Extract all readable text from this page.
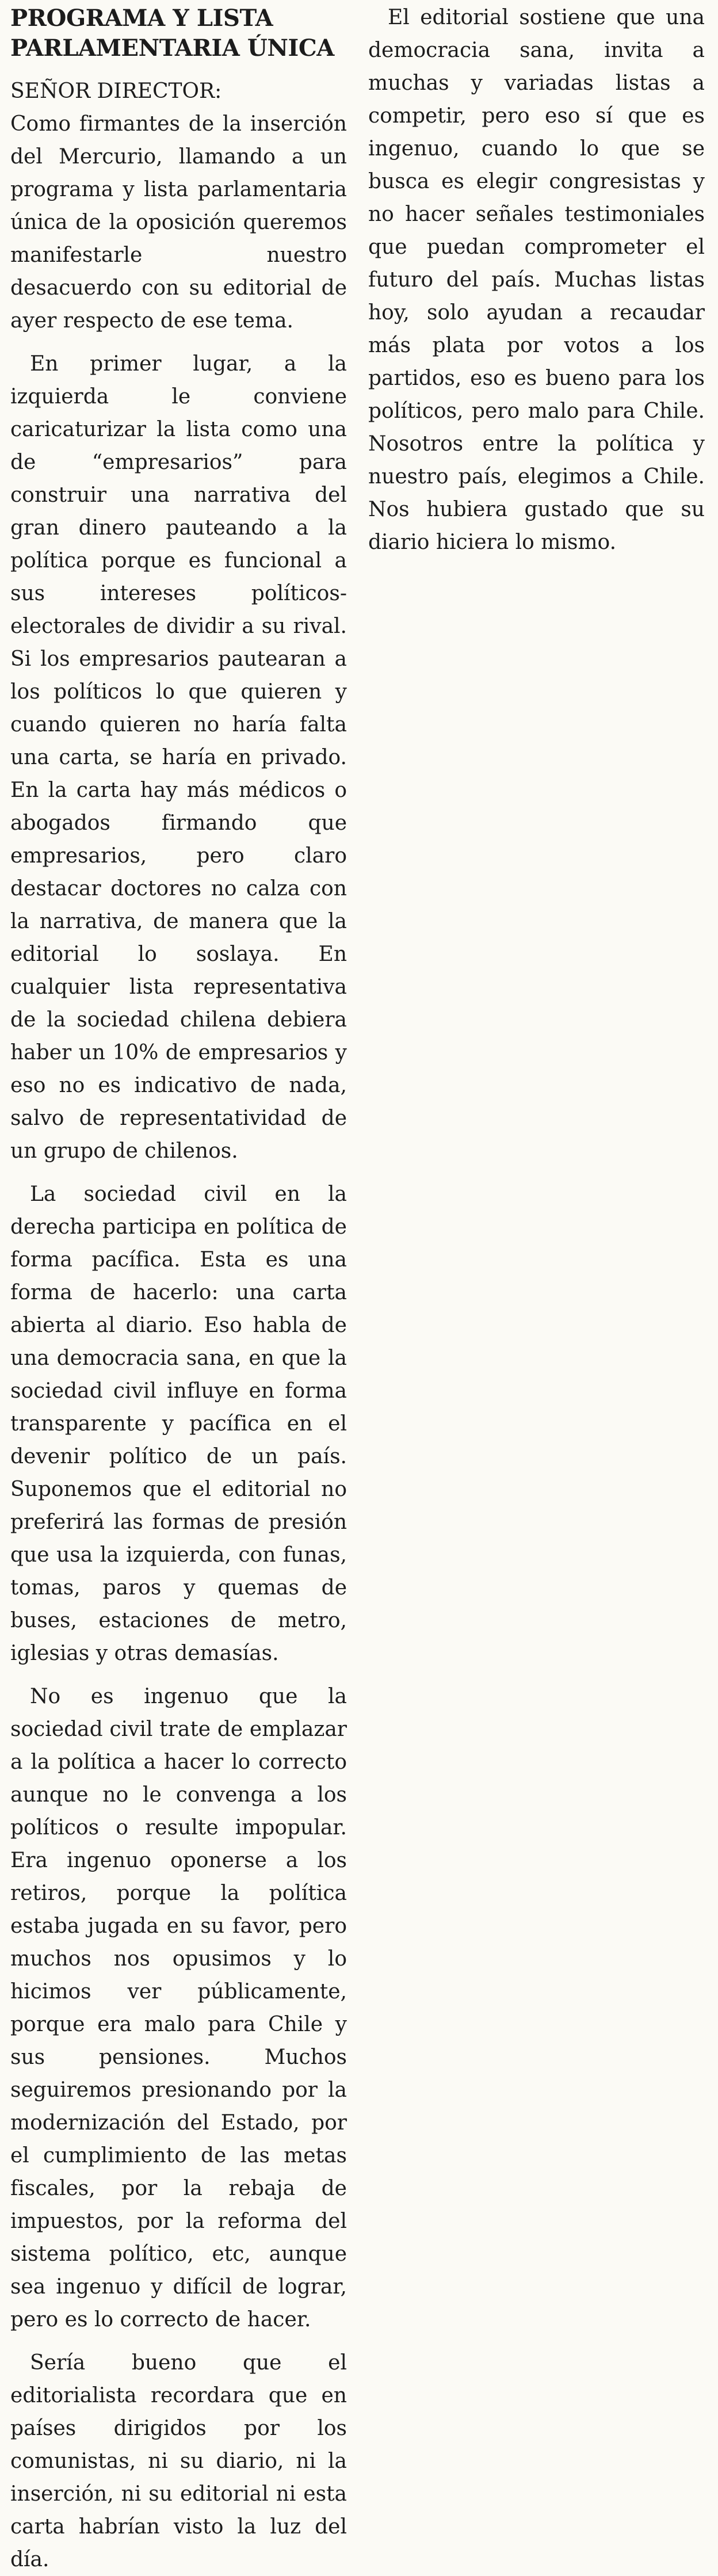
PROGRAMA Y LISTA
PARLAMENTARIA ÚNICA
SEÑOR DIRECTOR:

Como firmantes de la inserción del Mercurio, llamando a un programa y lista parlamentaria única de la oposición queremos manifestarle nuestro desacuerdo con su editorial de ayer respecto de ese tema.

En primer lugar, a la izquierda le conviene caricaturizar la lista como una de “empresarios” para construir una narrativa del gran dinero pauteando a la política porque es funcional a sus intereses políticos-electorales de dividir a su rival. Si los empresarios pautearan a los políticos lo que quieren y cuando quieren no haría falta una carta, se haría en privado. En la carta hay más médicos o abogados firmando que empresarios, pero claro destacar doctores no calza con la narrativa, de manera que la editorial lo soslaya. En cualquier lista representativa de la sociedad chilena debiera haber un 10% de empresarios y eso no es indicativo de nada, salvo de representatividad de un grupo de chilenos.

La sociedad civil en la derecha participa en política de forma pacífica. Esta es una forma de hacerlo: una carta abierta al diario. Eso habla de una democracia sana, en que la sociedad civil influye en forma transparente y pacífica en el devenir político de un país. Suponemos que el editorial no preferirá las formas de presión que usa la izquierda, con funas, tomas, paros y quemas de buses, estaciones de metro, iglesias y otras demasías.

No es ingenuo que la sociedad civil trate de emplazar a la política a hacer lo correcto aunque no le convenga a los políticos o resulte impopular. Era ingenuo oponerse a los retiros, porque la política estaba jugada en su favor, pero muchos nos opusimos y lo hicimos ver públicamente, porque era malo para Chile y sus pensiones. Muchos seguiremos presionando por la modernización del Estado, por el cumplimiento de las metas fiscales, por la rebaja de impuestos, por la reforma del sistema político, etc, aunque sea ingenuo y difícil de lograr, pero es lo correcto de hacer.

Sería bueno que el editorialista recordara que en países dirigidos por los comunistas, ni su diario, ni la inserción, ni su editorial ni esta carta habrían visto la luz del día.

El editorial sostiene que una democracia sana, invita a muchas y variadas listas a competir, pero eso sí que es ingenuo, cuando lo que se busca es elegir congresistas y no hacer señales testimoniales que puedan comprometer el futuro del país. Muchas listas hoy, solo ayudan a recaudar más plata por votos a los partidos, eso es bueno para los políticos, pero malo para Chile. Nosotros entre la política y nuestro país, elegimos a Chile. Nos hubiera gustado que su diario hiciera lo mismo.
